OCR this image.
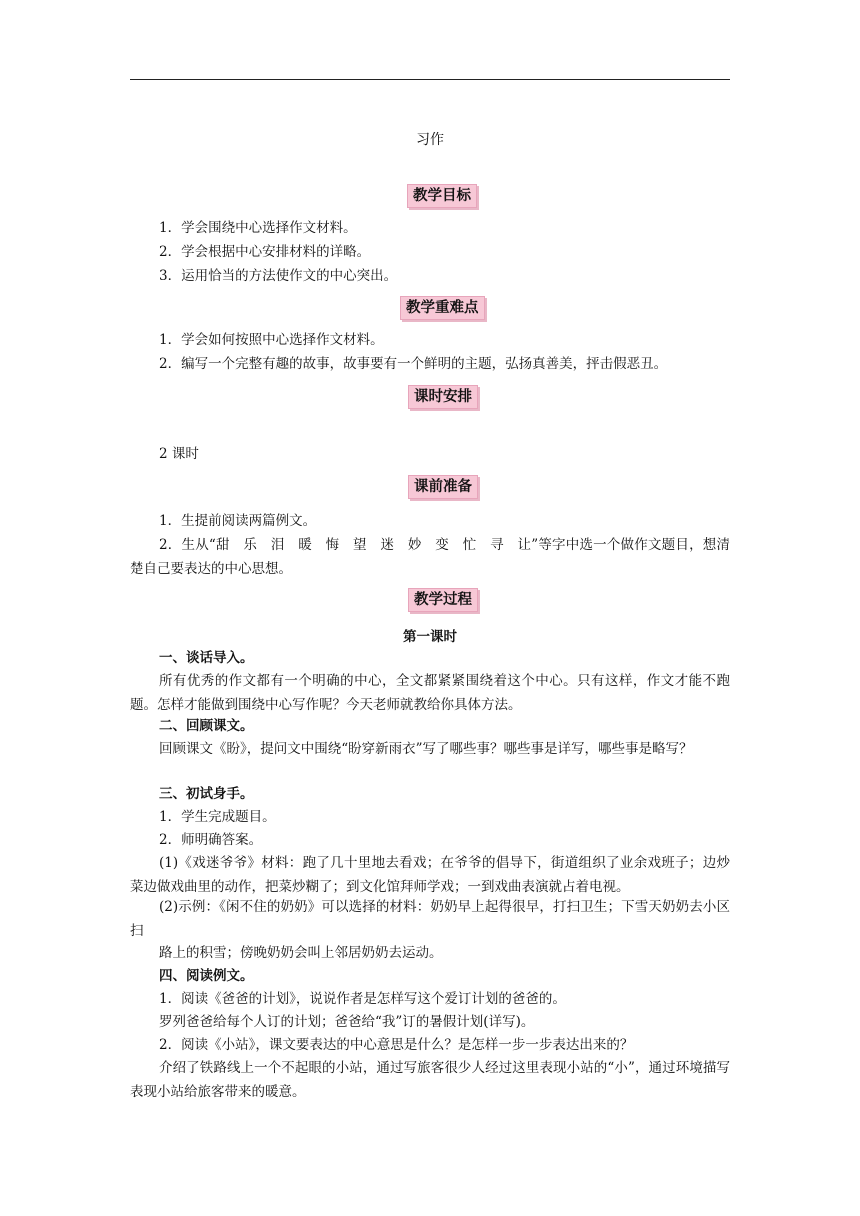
习作
教学目标
1．学会围绕中心选择作文材料。
2．学会根据中心安排材料的详略。
3．运用恰当的方法使作文的中心突出。
教学重难点
1．学会如何按照中心选择作文材料。
2．编写一个完整有趣的故事，故事要有一个鲜明的主题，弘扬真善美，抨击假恶丑。
课时安排
2 课时
课前准备
1．生提前阅读两篇例文。
2．生从“甜　乐　泪　暖　悔　望　迷　妙　变　忙　寻　让”等字中选一个做作文题目，想清楚自己要表达的中心思想。
教学过程
第一课时
一、谈话导入。
所有优秀的作文都有一个明确的中心，全文都紧紧围绕着这个中心。只有这样，作文才能不跑题。怎样才能做到围绕中心写作呢？今天老师就教给你具体方法。
二、回顾课文。
回顾课文《盼》，提问文中围绕“盼穿新雨衣”写了哪些事？哪些事是详写，哪些事是略写？
三、初试身手。
1．学生完成题目。
2．师明确答案。
(1)《戏迷爷爷》材料：跑了几十里地去看戏；在爷爷的倡导下，街道组织了业余戏班子；边炒菜边做戏曲里的动作，把菜炒糊了；到文化馆拜师学戏；一到戏曲表演就占着电视。
(2)示例：《闲不住的奶奶》可以选择的材料：奶奶早上起得很早，打扫卫生；下雪天奶奶去小区扫
路上的积雪；傍晚奶奶会叫上邻居奶奶去运动。
四、阅读例文。
1．阅读《爸爸的计划》，说说作者是怎样写这个爱订计划的爸爸的。
罗列爸爸给每个人订的计划；爸爸给“我”订的暑假计划(详写)。
2．阅读《小站》，课文要表达的中心意思是什么？是怎样一步一步表达出来的？
介绍了铁路线上一个不起眼的小站，通过写旅客很少人经过这里表现小站的“小”，通过环境描写表现小站给旅客带来的暖意。
